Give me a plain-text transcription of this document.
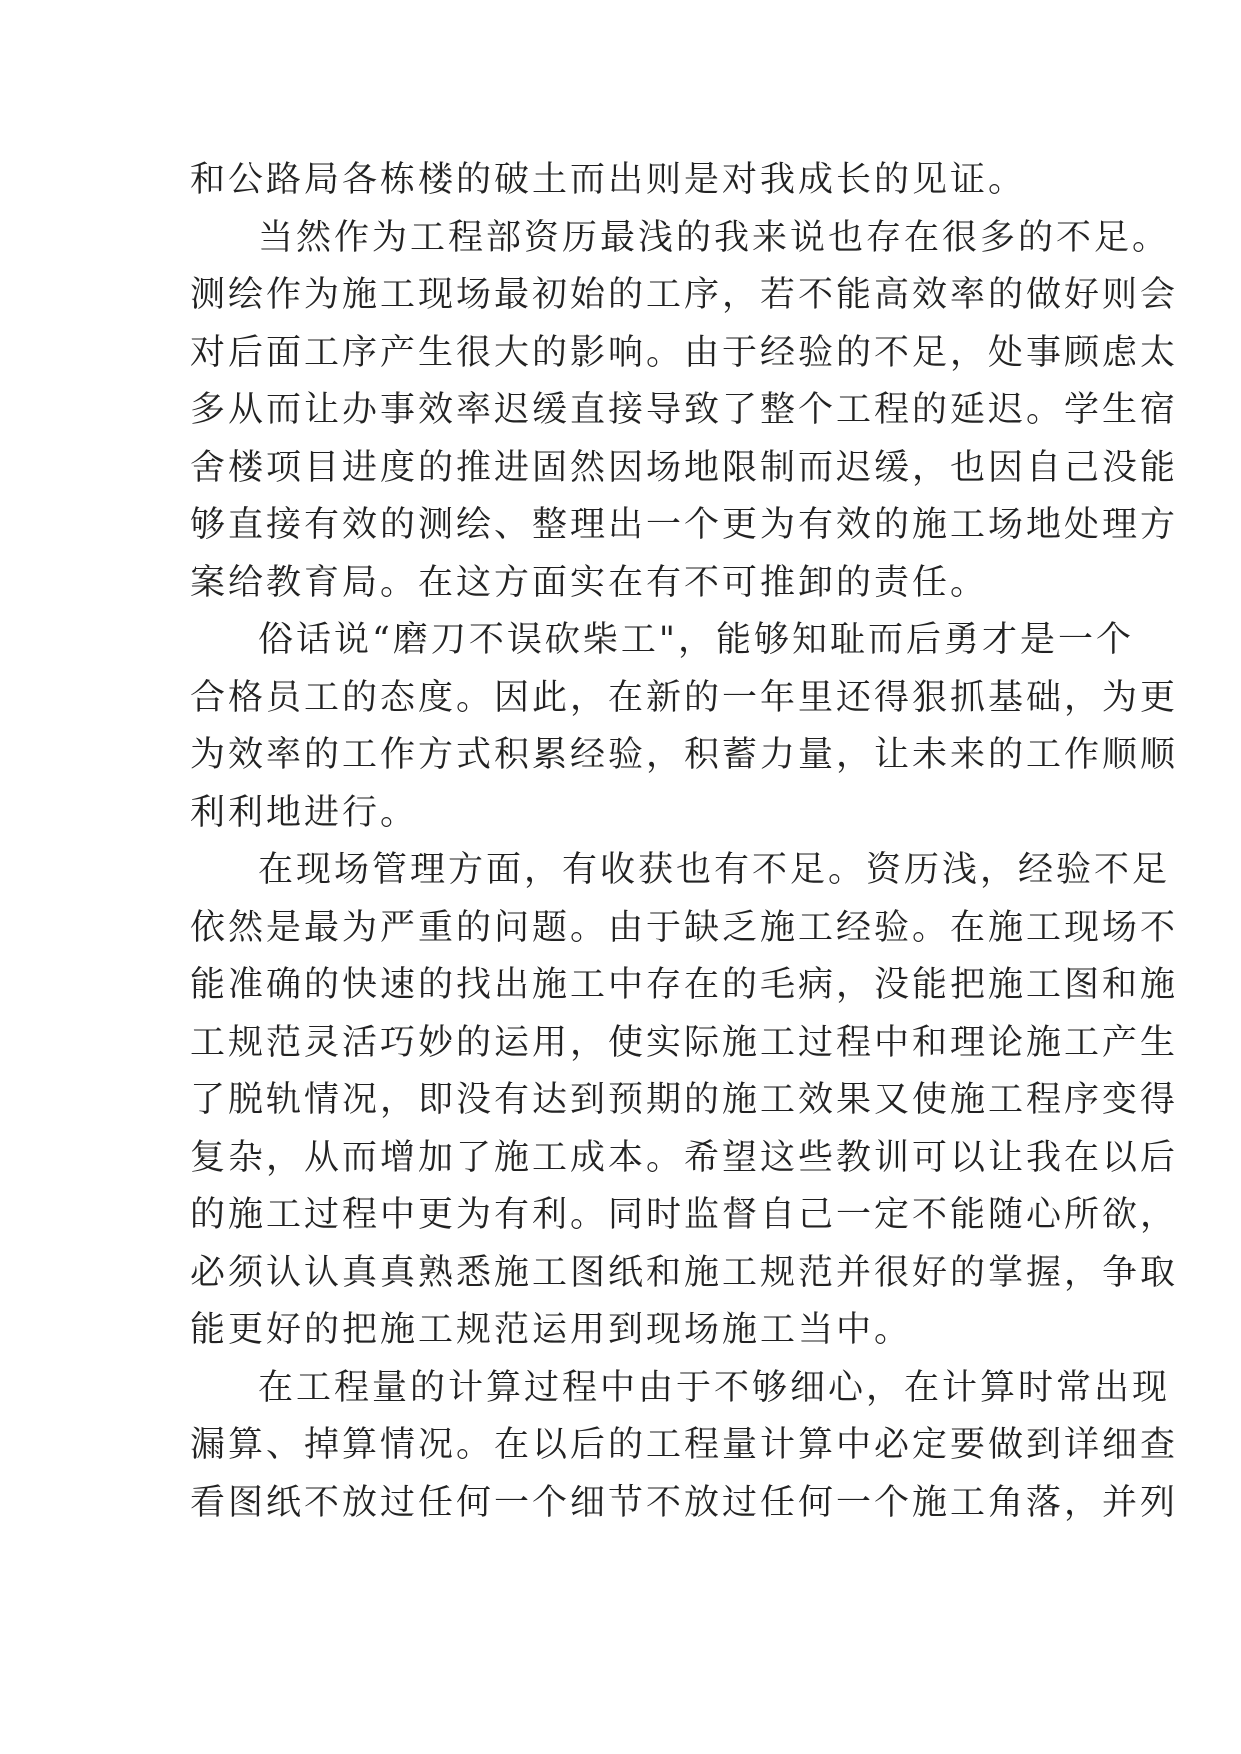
和公路局各栋楼的破土而出则是对我成长的见证。
当然作为工程部资历最浅的我来说也存在很多的不足。
测绘作为施工现场最初始的工序，若不能高效率的做好则会
对后面工序产生很大的影响。由于经验的不足，处事顾虑太
多从而让办事效率迟缓直接导致了整个工程的延迟。学生宿
舍楼项目进度的推进固然因场地限制而迟缓，也因自己没能
够直接有效的测绘、整理出一个更为有效的施工场地处理方
案给教育局。在这方面实在有不可推卸的责任。
俗话说“磨刀不误砍柴工"，能够知耻而后勇才是一个
合格员工的态度。因此，在新的一年里还得狠抓基础，为更
为效率的工作方式积累经验，积蓄力量，让未来的工作顺顺
利利地进行。
在现场管理方面，有收获也有不足。资历浅，经验不足
依然是最为严重的问题。由于缺乏施工经验。在施工现场不
能准确的快速的找出施工中存在的毛病，没能把施工图和施
工规范灵活巧妙的运用，使实际施工过程中和理论施工产生
了脱轨情况，即没有达到预期的施工效果又使施工程序变得
复杂，从而增加了施工成本。希望这些教训可以让我在以后
的施工过程中更为有利。同时监督自己一定不能随心所欲，
必须认认真真熟悉施工图纸和施工规范并很好的掌握，争取
能更好的把施工规范运用到现场施工当中。
在工程量的计算过程中由于不够细心，在计算时常出现
漏算、掉算情况。在以后的工程量计算中必定要做到详细查
看图纸不放过任何一个细节不放过任何一个施工角落，并列
